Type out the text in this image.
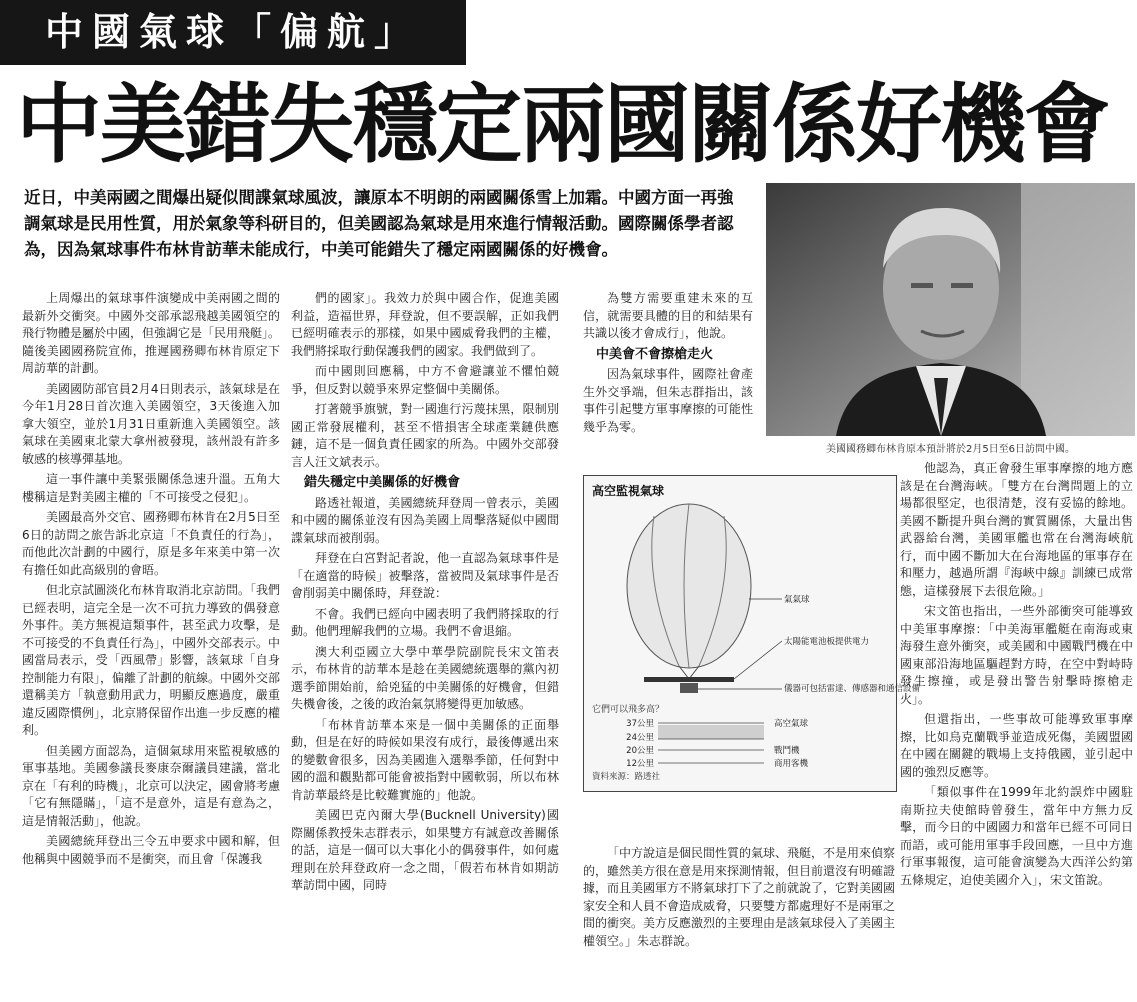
中國氣球「偏航」
中美錯失穩定兩國關係好機會
近日，中美兩國之間爆出疑似間諜氣球風波，讓原本不明朗的兩國關係雪上加霜。中國方面一再強調氣球是民用性質，用於氣象等科研目的，但美國認為氣球是用來進行情報活動。國際關係學者認為，因為氣球事件布林肯訪華未能成行，中美可能錯失了穩定兩國關係的好機會。
美國國務卿布林肯原本預計將於2月5日至6日訪問中國。

上周爆出的氣球事件演變成中美兩國之間的最新外交衝突。中國外交部承認飛越美國領空的飛行物體是屬於中國，但強調它是「民用飛艇」。隨後美國國務院宣佈，推遲國務卿布林肯原定下周訪華的計劃。

美國國防部官員2月4日則表示，該氣球是在今年1月28日首次進入美國領空，3天後進入加拿大領空，並於1月31日重新進入美國領空。該氣球在美國東北蒙大拿州被發現，該州設有許多敏感的核導彈基地。

這一事件讓中美緊張關係急速升溫。五角大樓稱這是對美國主權的「不可接受之侵犯」。

美國最高外交官、國務卿布林肯在2月5日至6日的訪問之旅告訴北京這「不負責任的行為」，而他此次計劃的中國行，原是多年來美中第一次有擔任如此高級別的會晤。

但北京試圖淡化布林肯取消北京訪問。「我們已經表明，這完全是一次不可抗力導致的偶發意外事件。美方無視這類事件，甚至武力攻擊，是不可接受的不負責任行為」，中國外交部表示。中國當局表示，受「西風帶」影響，該氣球「自身控制能力有限」，偏離了計劃的航線。中國外交部還稱美方「執意動用武力，明顯反應過度，嚴重違反國際慣例」，北京將保留作出進一步反應的權利。

但美國方面認為，這個氣球用來監視敏感的軍事基地。美國參議長麥康奈爾議員建議，當北京在「有利的時機」，北京可以決定，國會將考慮「它有無隱瞞」，「這不是意外，這是有意為之，這是情報活動」，他說。

美國總統拜登出三令五申要求中國和解，但他稱與中國競爭而不是衝突，而且會「保護我

們的國家」。我效力於與中國合作，促進美國利益，造福世界，拜登說，但不要誤解，正如我們已經明確表示的那樣，如果中國威脅我們的主權，我們將採取行動保護我們的國家。我們做到了。

而中國則回應稱，中方不會避讓並不懼怕競爭，但反對以競爭來界定整個中美關係。

打著競爭旗號，對一國進行污蔑抹黑，限制別國正常發展權利，甚至不惜損害全球產業鏈供應鏈，這不是一個負責任國家的所為。中國外交部發言人汪文斌表示。

錯失穩定中美關係的好機會

路透社報道，美國總統拜登周一曾表示，美國和中國的關係並沒有因為美國上周擊落疑似中國間諜氣球而被削弱。

拜登在白宮對記者說，他一直認為氣球事件是「在適當的時候」被擊落，當被問及氣球事件是否會削弱美中關係時，拜登說：

不會。我們已經向中國表明了我們將採取的行動。他們理解我們的立場。我們不會退縮。

澳大利亞國立大學中華學院副院長宋文笛表示，布林肯的訪華本是趁在美國總統選舉的黨內初選季節開始前，給兇猛的中美關係的好機會，但錯失機會後，之後的政治氣氛將變得更加敏感。

「布林肯訪華本來是一個中美關係的正面舉動，但是在好的時候如果沒有成行，最後傳遞出來的變數會很多，因為美國進入選舉季節，任何對中國的溫和觀點都可能會被指對中國軟弱，所以布林肯訪華最終是比較難實施的」他說。

美國巴克內爾大學(Bucknell University)國際關係教授朱志群表示，如果雙方有誠意改善關係的話，這是一個可以大事化小的偶發事件，如何處理則在於拜登政府一念之間，「假若布林肯如期訪華訪問中國，同時

為雙方需要重建未來的互信，就需要具體的目的和結果有共識以後才會成行」，他說。

中美會不會擦槍走火

因為氣球事件，國際社會產生外交爭端，但朱志群指出，該事件引起雙方軍事摩擦的可能性幾乎為零。

他認為，真正會發生軍事摩擦的地方應該是在台灣海峽。「雙方在台灣問題上的立場都很堅定，也很清楚，沒有妥協的餘地。美國不斷提升與台灣的實質關係，大量出售武器給台灣，美國軍艦也常在台灣海峽航行，而中國不斷加大在台海地區的軍事存在和壓力，越過所謂『海峽中線』訓練已成常態，這樣發展下去很危險。」

宋文笛也指出，一些外部衝突可能導致中美軍事摩擦：「中美海軍艦艇在南海或東海發生意外衝突，或美國和中國戰鬥機在中國東部沿海地區驅趕對方時，在空中對峙時發生擦撞，或是發出警告射擊時擦槍走火」。

但還指出，一些事故可能導致軍事摩擦，比如烏克蘭戰爭並造成死傷，美國盟國在中國在關鍵的戰場上支持俄國，並引起中國的強烈反應等。

「類似事件在1999年北約誤炸中國駐南斯拉夫使館時曾發生，當年中方無力反擊，而今日的中國國力和當年已經不可同日而語，或可能用軍事手段回應，一旦中方進行軍事報復，這可能會演變為大西洋公約第五條規定，迫使美國介入」，宋文笛說。

「中方說這是個民間性質的氣球、飛艇，不是用來偵察的，雖然美方很在意是用來探測情報，但目前還沒有明確證據，而且美國軍方不將氣球打下了之前就說了，它對美國國家安全和人員不會造成威脅，只要雙方都處理好不是兩軍之間的衝突。美方反應激烈的主要理由是該氣球侵入了美國主權領空。」朱志群說。

高空監視氣球
氣氣球
太陽能電池板提供電力
儀器可包括雷達、傳感器和通信設備
它們可以飛多高？
37公里	高空氣球
24公里
20公里	戰鬥機
12公里	商用客機
資料來源：路透社
